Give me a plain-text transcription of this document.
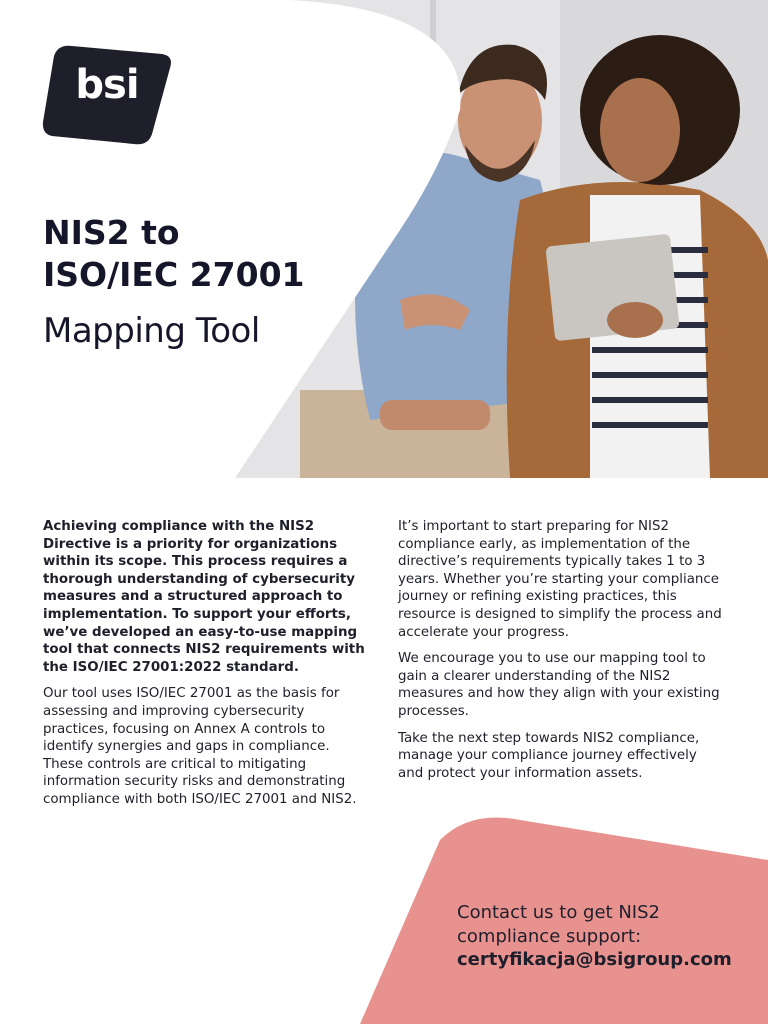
bsi
NIS2 to
ISO/IEC 27001
Mapping Tool

Achieving compliance with the NIS2 Directive is a priority for organizations within its scope. This process requires a thorough understanding of cybersecurity measures and a structured approach to implementation. To support your efforts, we’ve developed an easy-to-use mapping tool that connects NIS2 requirements with the ISO/IEC 27001:2022 standard.

Our tool uses ISO/IEC 27001 as the basis for assessing and improving cybersecurity practices, focusing on Annex A controls to identify synergies and gaps in compliance. These controls are critical to mitigating information security risks and demonstrating compliance with both ISO/IEC 27001 and NIS2.

It’s important to start preparing for NIS2 compliance early, as implementation of the directive’s requirements typically takes 1 to 3 years. Whether you’re starting your compliance journey or refining existing practices, this resource is designed to simplify the process and accelerate your progress.

We encourage you to use our mapping tool to gain a clearer understanding of the NIS2 measures and how they align with your existing processes.

Take the next step towards NIS2 compliance, manage your compliance journey effectively and protect your information assets.

Contact us to get NIS2
compliance support:
certyfikacja@bsigroup.com
